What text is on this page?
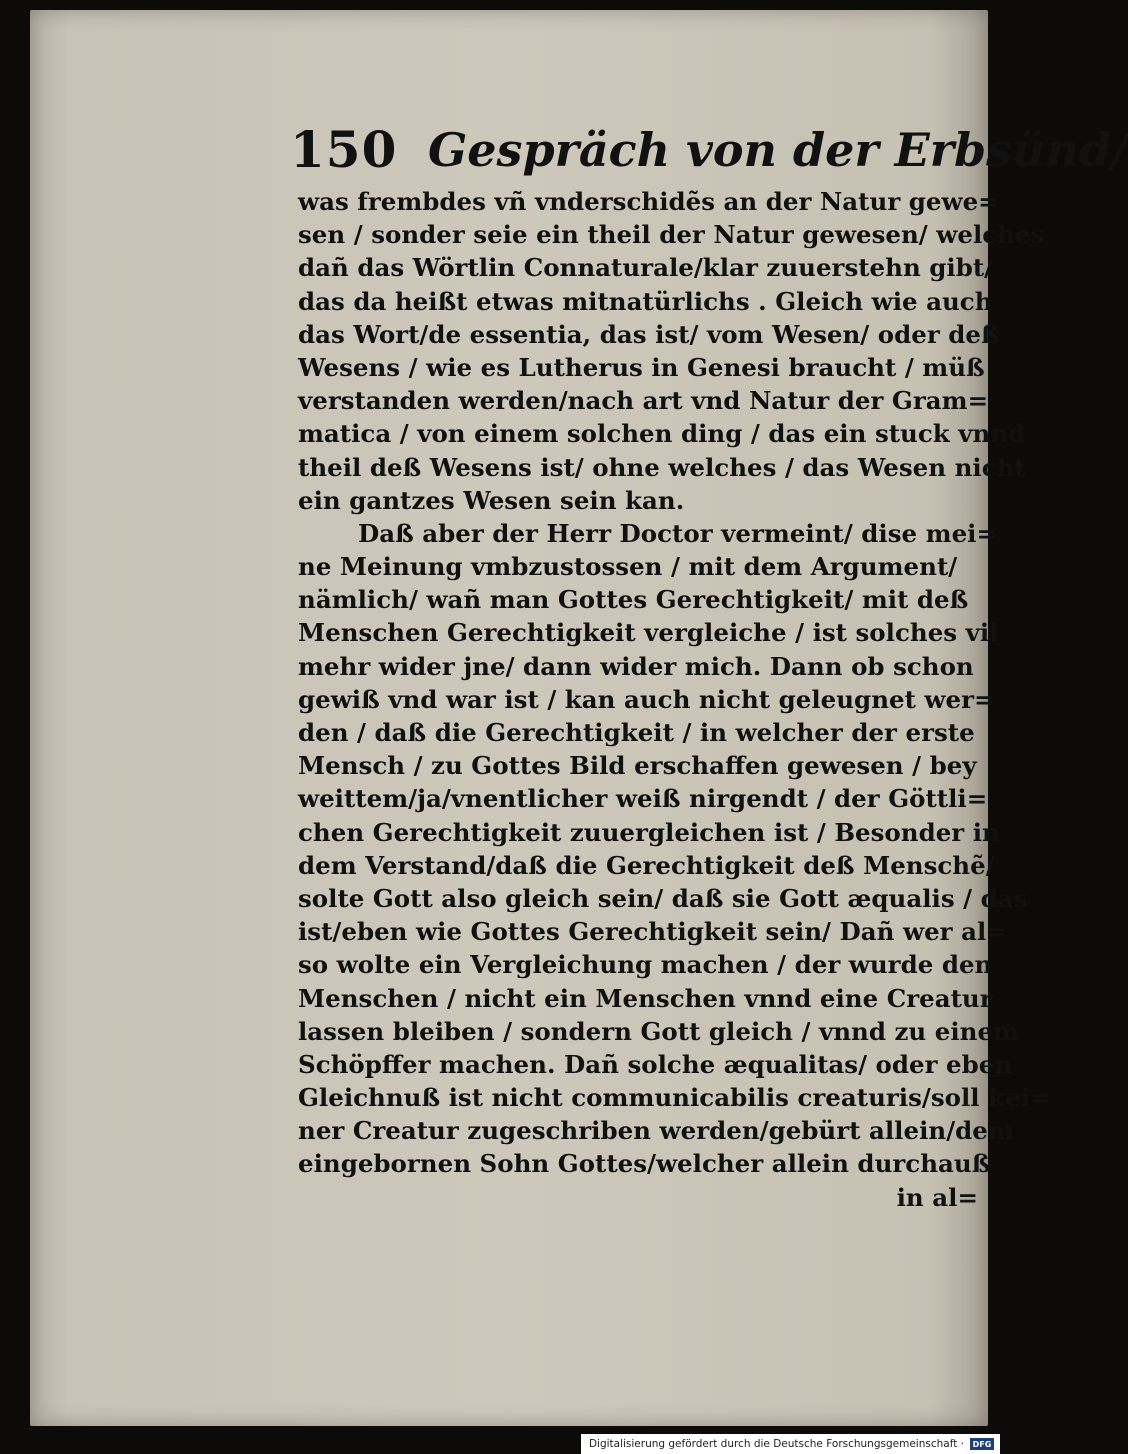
150 Gespräch von der Erbsünd/
was frembdes vñ vnderschidẽs an der Natur gewe=
sen / sonder seie ein theil der Natur gewesen/ welches
dañ das Wörtlin Connaturale/klar zuuerstehn gibt/
das da heißt etwas mitnatürlichs . Gleich wie auch
das Wort/de essentia, das ist/ vom Wesen/ oder deß
Wesens / wie es Lutherus in Genesi braucht / müß
verstanden werden/nach art vnd Natur der Gram=
matica / von einem solchen ding / das ein stuck vnnd
theil deß Wesens ist/ ohne welches / das Wesen nicht
ein gantzes Wesen sein kan.
Daß aber der Herr Doctor vermeint/ dise mei=
ne Meinung vmbzustossen / mit dem Argument/
nämlich/ wañ man Gottes Gerechtigkeit/ mit deß
Menschen Gerechtigkeit vergleiche / ist solches vil
mehr wider jne/ dann wider mich. Dann ob schon
gewiß vnd war ist / kan auch nicht geleugnet wer=
den / daß die Gerechtigkeit / in welcher der erste
Mensch / zu Gottes Bild erschaffen gewesen / bey
weittem/ja/vnentlicher weiß nirgendt / der Göttli=
chen Gerechtigkeit zuuergleichen ist / Besonder in
dem Verstand/daß die Gerechtigkeit deß Menschẽ/
solte Gott also gleich sein/ daß sie Gott æqualis / das
ist/eben wie Gottes Gerechtigkeit sein/ Dañ wer al=
so wolte ein Vergleichung machen / der wurde den
Menschen / nicht ein Menschen vnnd eine Creatur
lassen bleiben / sondern Gott gleich / vnnd zu einem
Schöpffer machen. Dañ solche æqualitas/ oder eben
Gleichnuß ist nicht communicabilis creaturis/soll kei=
ner Creatur zugeschriben werden/gebürt allein/dem
eingebornen Sohn Gottes/welcher allein durchauß
in al=
Digitalisierung gefördert durch die Deutsche Forschungsgemeinschaft ·	DFG
